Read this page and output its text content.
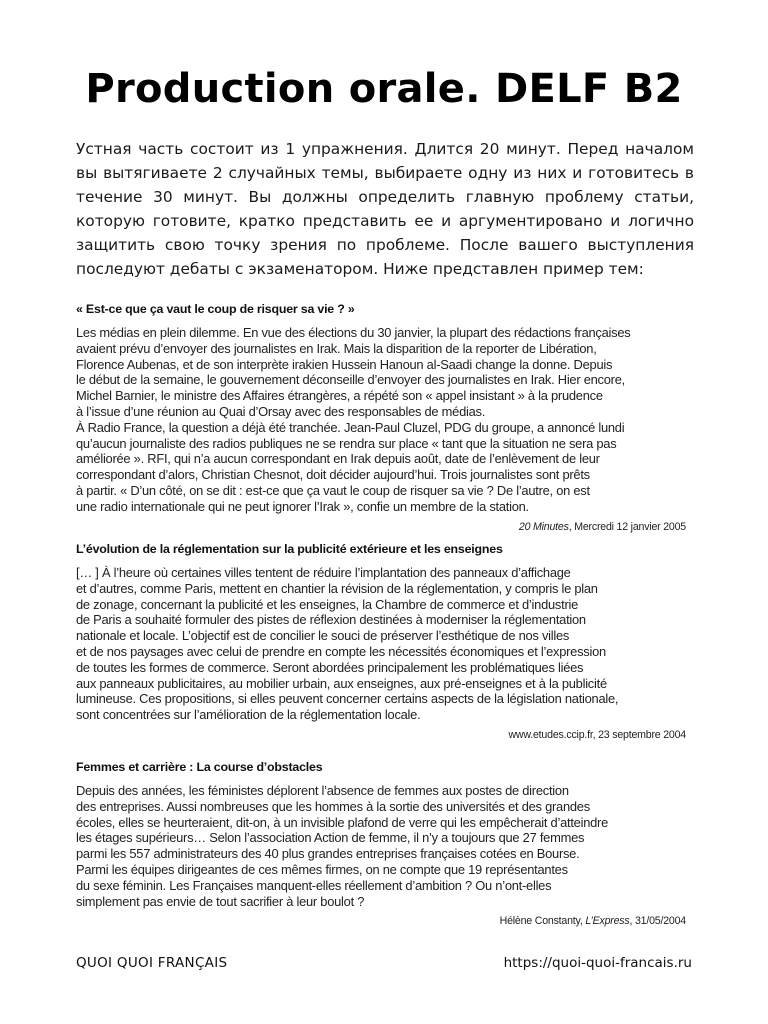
Production orale. DELF B2

Устная часть состоит из 1 упражнения. Длится 20 минут. Перед началом вы вытягиваете 2 случайных темы, выбираете одну из них и готовитесь в течение 30 минут. Вы должны определить главную проблему статьи, которую готовите, кратко представить ее и аргументировано и логично защитить свою точку зрения по проблеме. После вашего выступления последуют дебаты с экзаменатором. Ниже представлен пример тем:

« Est-ce que ça vaut le coup de risquer sa vie ? »
Les médias en plein dilemme. En vue des élections du 30 janvier, la plupart des rédactions françaises
avaient prévu d’envoyer des journalistes en Irak. Mais la disparition de la reporter de Libération,
Florence Aubenas, et de son interprète irakien Hussein Hanoun al-Saadi change la donne. Depuis
le début de la semaine, le gouvernement déconseille d’envoyer des journalistes en Irak. Hier encore,
Michel Barnier, le ministre des Affaires étrangères, a répété son « appel insistant » à la prudence
à l’issue d’une réunion au Quai d’Orsay avec des responsables de médias.
À Radio France, la question a déjà été tranchée. Jean-Paul Cluzel, PDG du groupe, a annoncé lundi
qu’aucun journaliste des radios publiques ne se rendra sur place « tant que la situation ne sera pas
améliorée ». RFI, qui n’a aucun correspondant en Irak depuis août, date de l’enlèvement de leur
correspondant d’alors, Christian Chesnot, doit décider aujourd’hui. Trois journalistes sont prêts
à partir. « D’un côté, on se dit : est-ce que ça vaut le coup de risquer sa vie ? De l’autre, on est
une radio internationale qui ne peut ignorer l’Irak », confie un membre de la station.
20 Minutes, Mercredi 12 janvier 2005
L’évolution de la réglementation sur la publicité extérieure et les enseignes
[… ] À l’heure où certaines villes tentent de réduire l’implantation des panneaux d’affichage
et d’autres, comme Paris, mettent en chantier la révision de la réglementation, y compris le plan
de zonage, concernant la publicité et les enseignes, la Chambre de commerce et d’industrie
de Paris a souhaité formuler des pistes de réflexion destinées à moderniser la réglementation
nationale et locale. L’objectif est de concilier le souci de préserver l’esthétique de nos villes
et de nos paysages avec celui de prendre en compte les nécessités économiques et l’expression
de toutes les formes de commerce. Seront abordées principalement les problématiques liées
aux panneaux publicitaires, au mobilier urbain, aux enseignes, aux pré-enseignes et à la publicité
lumineuse. Ces propositions, si elles peuvent concerner certains aspects de la législation nationale,
sont concentrées sur l’amélioration de la réglementation locale.
www.etudes.ccip.fr, 23 septembre 2004
Femmes et carrière : La course d’obstacles
Depuis des années, les féministes déplorent l’absence de femmes aux postes de direction
des entreprises. Aussi nombreuses que les hommes à la sortie des universités et des grandes
écoles, elles se heurteraient, dit-on, à un invisible plafond de verre qui les empêcherait d’atteindre
les étages supérieurs… Selon l’association Action de femme, il n’y a toujours que 27 femmes
parmi les 557 administrateurs des 40 plus grandes entreprises françaises cotées en Bourse.
Parmi les équipes dirigeantes de ces mêmes firmes, on ne compte que 19 représentantes
du sexe féminin. Les Françaises manquent-elles réellement d’ambition ? Ou n’ont-elles
simplement pas envie de tout sacrifier à leur boulot ?
Hélène Constanty, L’Express, 31/05/2004
QUOI QUOI FRANÇAIS	https://quoi-quoi-francais.ru
